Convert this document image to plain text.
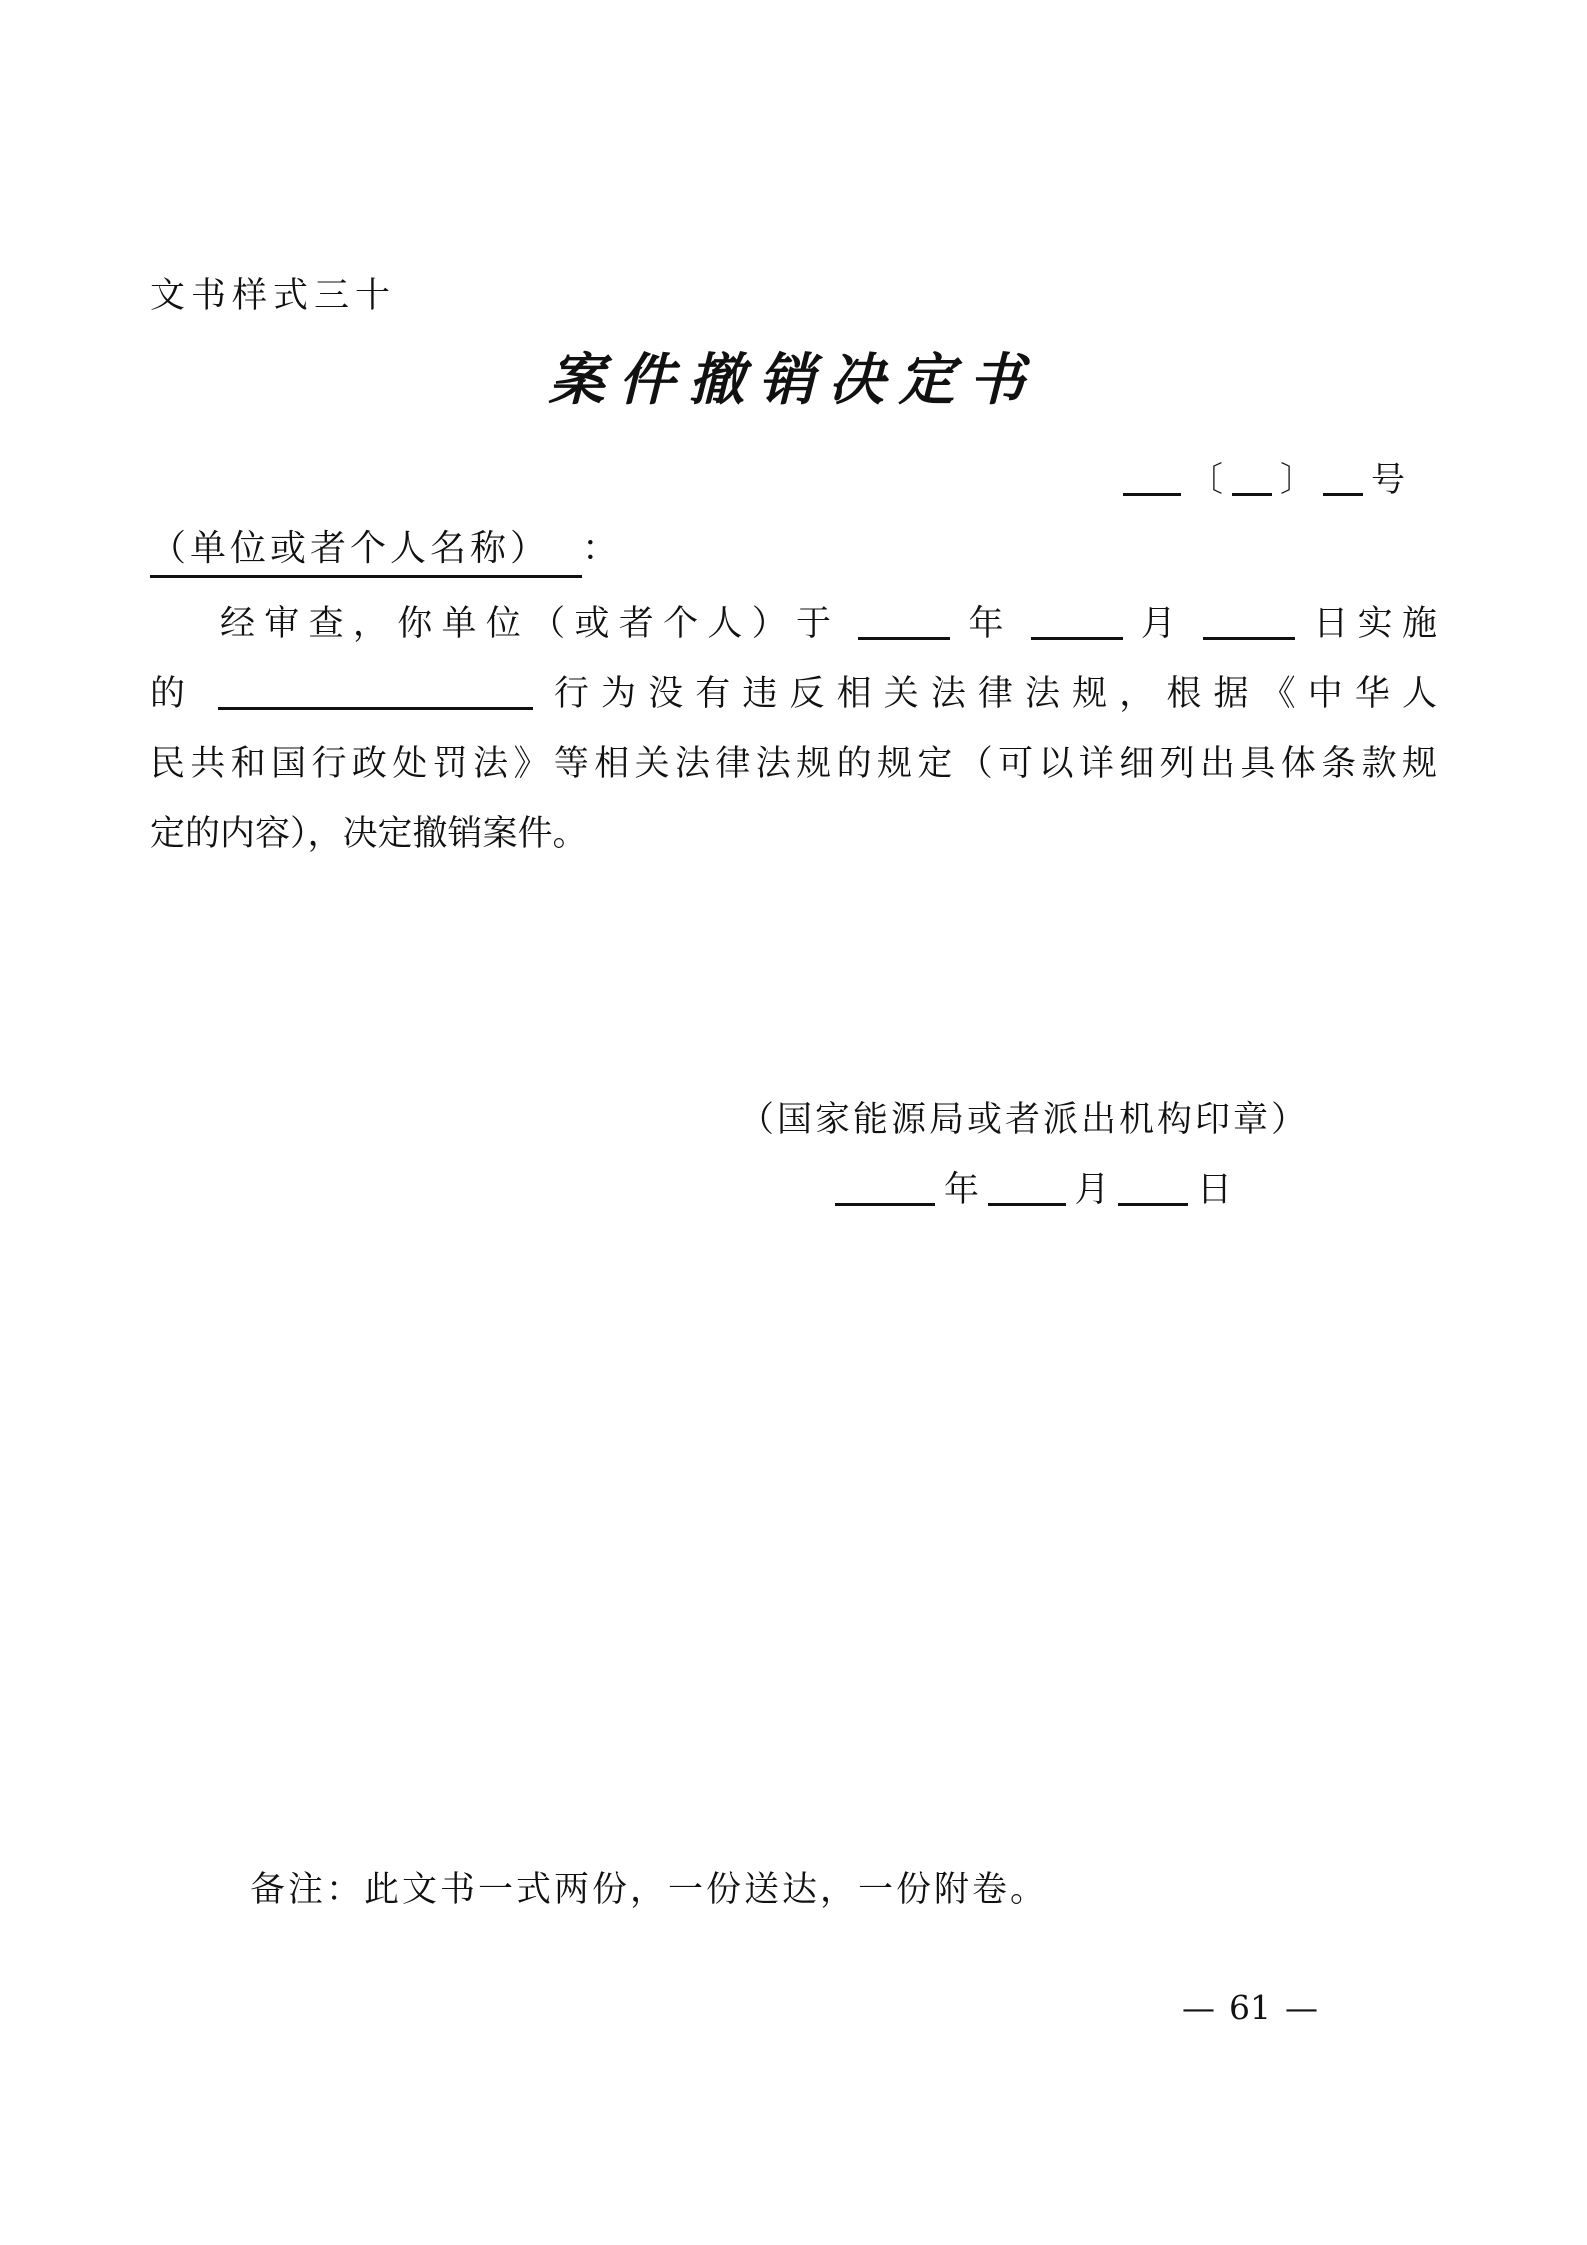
文书样式三十
案件撤销决定书
〔 〕 号
（单位或者个人名称） ：
经审查，你单位（或者个人）于	年	月	日实施
的	行为没有违反相关法律法规，根据《中华人
民共和国行政处罚法》等相关法律法规的规定（可以详细列出具体条款规
定的内容），决定撤销案件。
（国家能源局或者派出机构印章）
年	月	日
备注：此文书一式两份，一份送达，一份附卷。
— 61 —
